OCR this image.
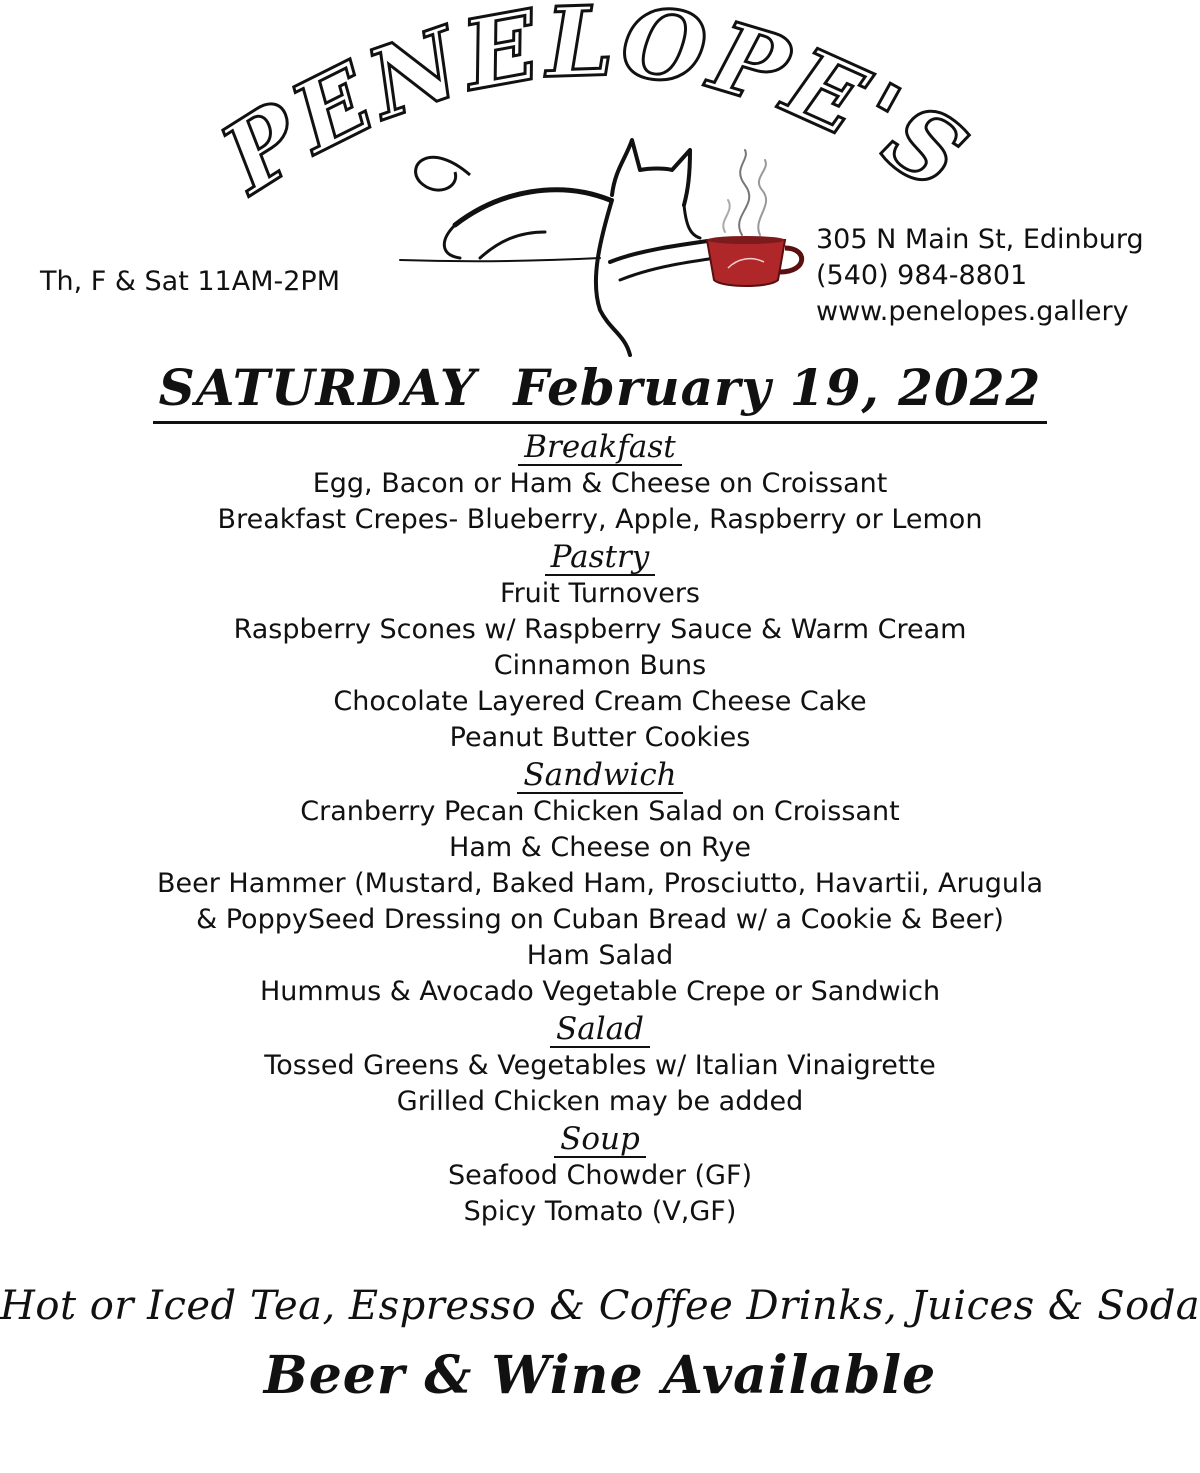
PENELOPE'S
Th, F & Sat 11AM-2PM
305 N Main St, Edinburg
(540) 984-8801
www.penelopes.gallery
SATURDAY  February 19, 2022
Breakfast
Egg, Bacon or Ham & Cheese on Croissant
Breakfast Crepes- Blueberry, Apple, Raspberry or Lemon
Pastry
Fruit Turnovers
Raspberry Scones w/ Raspberry Sauce & Warm Cream
Cinnamon Buns
Chocolate Layered Cream Cheese Cake
Peanut Butter Cookies
Sandwich
Cranberry Pecan Chicken Salad on Croissant
Ham & Cheese on Rye
Beer Hammer (Mustard, Baked Ham, Prosciutto, Havartii, Arugula
& PoppySeed Dressing on Cuban Bread w/ a Cookie & Beer)
Ham Salad
Hummus & Avocado Vegetable Crepe or Sandwich
Salad
Tossed Greens & Vegetables w/ Italian Vinaigrette
Grilled Chicken may be added
Soup
Seafood Chowder (GF)
Spicy Tomato (V,GF)
Hot or Iced Tea, Espresso & Coffee Drinks, Juices & Soda
Beer & Wine Available
